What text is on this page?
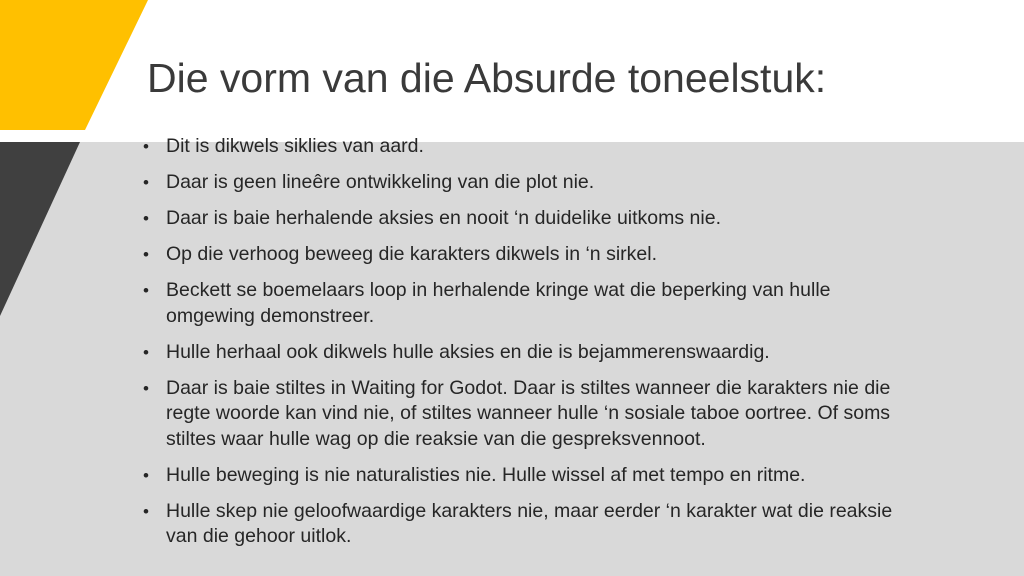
Die vorm van die Absurde toneelstuk:
• Dit is dikwels siklies van aard.
• Daar is geen lineêre ontwikkeling van die plot nie.
• Daar is baie herhalende aksies en nooit ‘n duidelike uitkoms nie.
• Op die verhoog beweeg die karakters dikwels in ‘n sirkel.
• Beckett se boemelaars loop in herhalende kringe wat die beperking van hulle omgewing demonstreer.
• Hulle herhaal ook dikwels hulle aksies en die is bejammerenswaardig.
• Daar is baie stiltes in Waiting for Godot. Daar is stiltes wanneer die karakters nie die regte woorde kan vind nie, of stiltes wanneer hulle ‘n sosiale taboe oortree. Of soms stiltes waar hulle wag op die reaksie van die gespreksvennoot.
• Hulle beweging is nie naturalisties nie. Hulle wissel af met tempo en ritme.
• Hulle skep nie geloofwaardige karakters nie, maar eerder ‘n karakter wat die reaksie van die gehoor uitlok.
